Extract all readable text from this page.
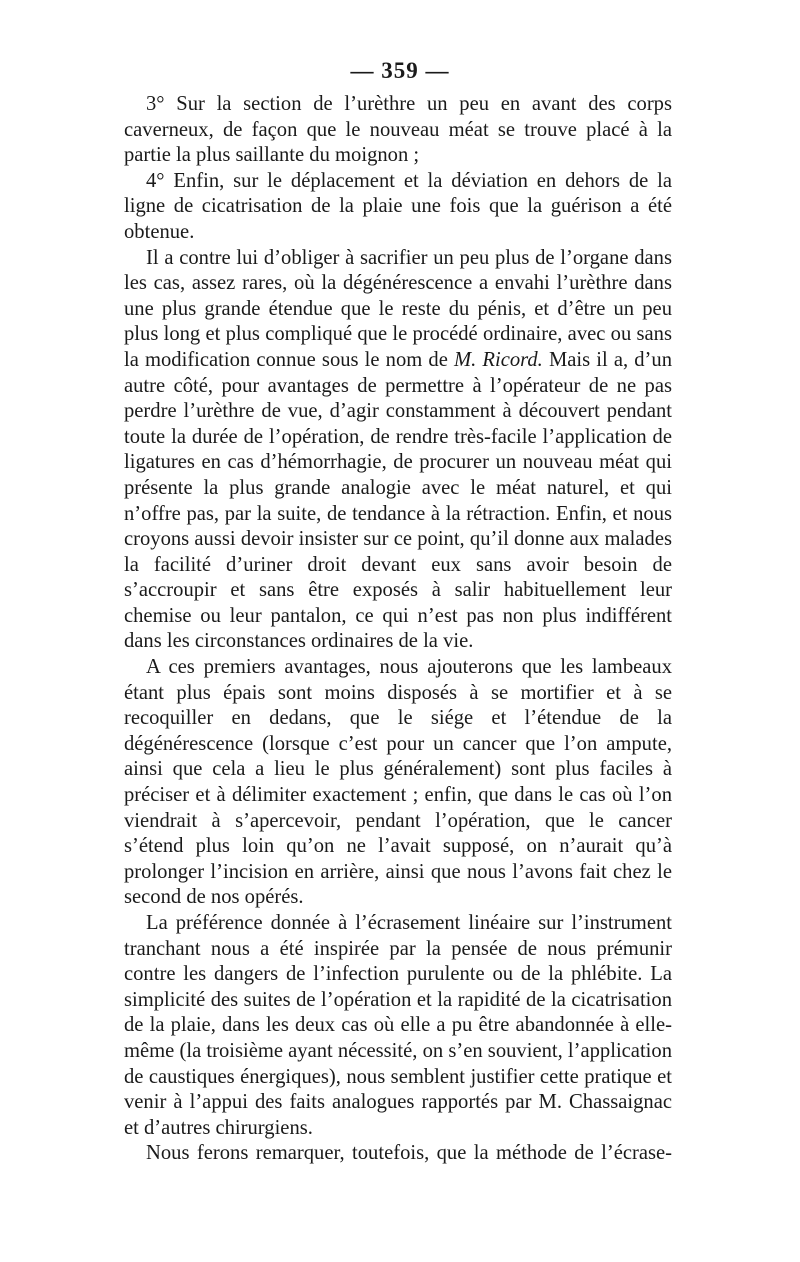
— 359 —

3° Sur la section de l’urèthre un peu en avant des corps caverneux, de façon que le nouveau méat se trouve placé à la partie la plus saillante du moignon ;

4° Enfin, sur le déplacement et la déviation en dehors de la ligne de cicatrisation de la plaie une fois que la guérison a été obtenue.

Il a contre lui d’obliger à sacrifier un peu plus de l’organe dans les cas, assez rares, où la dégénérescence a envahi l’urèthre dans une plus grande étendue que le reste du pénis, et d’être un peu plus long et plus compliqué que le procédé ordinaire, avec ou sans la modification connue sous le nom de M. Ricord. Mais il a, d’un autre côté, pour avantages de permettre à l’opérateur de ne pas perdre l’urèthre de vue, d’agir constamment à découvert pendant toute la durée de l’opération, de rendre très-facile l’application de ligatures en cas d’hémorrhagie, de procurer un nouveau méat qui présente la plus grande analogie avec le méat naturel, et qui n’offre pas, par la suite, de tendance à la rétraction. Enfin, et nous croyons aussi devoir insister sur ce point, qu’il donne aux malades la facilité d’uriner droit devant eux sans avoir besoin de s’accroupir et sans être exposés à salir habituellement leur chemise ou leur pantalon, ce qui n’est pas non plus indifférent dans les circonstances ordinaires de la vie.

A ces premiers avantages, nous ajouterons que les lambeaux étant plus épais sont moins disposés à se mortifier et à se recoquiller en dedans, que le siége et l’étendue de la dégénérescence (lorsque c’est pour un cancer que l’on ampute, ainsi que cela a lieu le plus généralement) sont plus faciles à préciser et à délimiter exactement ; enfin, que dans le cas où l’on viendrait à s’apercevoir, pendant l’opération, que le cancer s’étend plus loin qu’on ne l’avait supposé, on n’aurait qu’à prolonger l’incision en arrière, ainsi que nous l’avons fait chez le second de nos opérés.

La préférence donnée à l’écrasement linéaire sur l’instrument tranchant nous a été inspirée par la pensée de nous prémunir contre les dangers de l’infection purulente ou de la phlébite. La simplicité des suites de l’opération et la rapidité de la cicatrisation de la plaie, dans les deux cas où elle a pu être abandonnée à elle-même (la troisième ayant nécessité, on s’en souvient, l’application de caustiques énergiques), nous semblent justifier cette pratique et venir à l’appui des faits analogues rapportés par M. Chassaignac et d’autres chirurgiens.

Nous ferons remarquer, toutefois, que la méthode de l’écrase-
